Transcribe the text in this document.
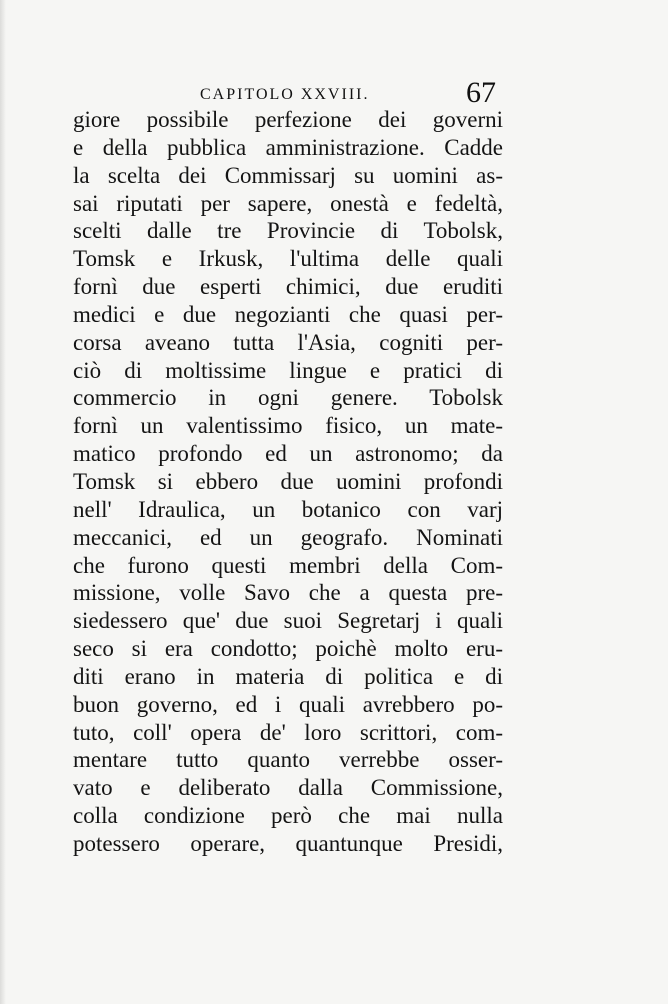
CAPITOLO XXVIII.	67
giore possibile perfezione dei governi
e della pubblica amministrazione. Cadde
la scelta dei Commissarj su uomini as-
sai riputati per sapere, onestà e fedeltà,
scelti dalle tre Provincie di Tobolsk,
Tomsk e Irkusk, l'ultima delle quali
fornì due esperti chimici, due eruditi
medici e due negozianti che quasi per-
corsa aveano tutta l'Asia, cogniti per-
ciò di moltissime lingue e pratici di
commercio in ogni genere. Tobolsk
fornì un valentissimo fisico, un mate-
matico profondo ed un astronomo; da
Tomsk si ebbero due uomini profondi
nell' Idraulica, un botanico con varj
meccanici, ed un geografo. Nominati
che furono questi membri della Com-
missione, volle Savo che a questa pre-
siedessero que' due suoi Segretarj i quali
seco si era condotto; poichè molto eru-
diti erano in materia di politica e di
buon governo, ed i quali avrebbero po-
tuto, coll' opera de' loro scrittori, com-
mentare tutto quanto verrebbe osser-
vato e deliberato dalla Commissione,
colla condizione però che mai nulla
potessero operare, quantunque Presidi,
